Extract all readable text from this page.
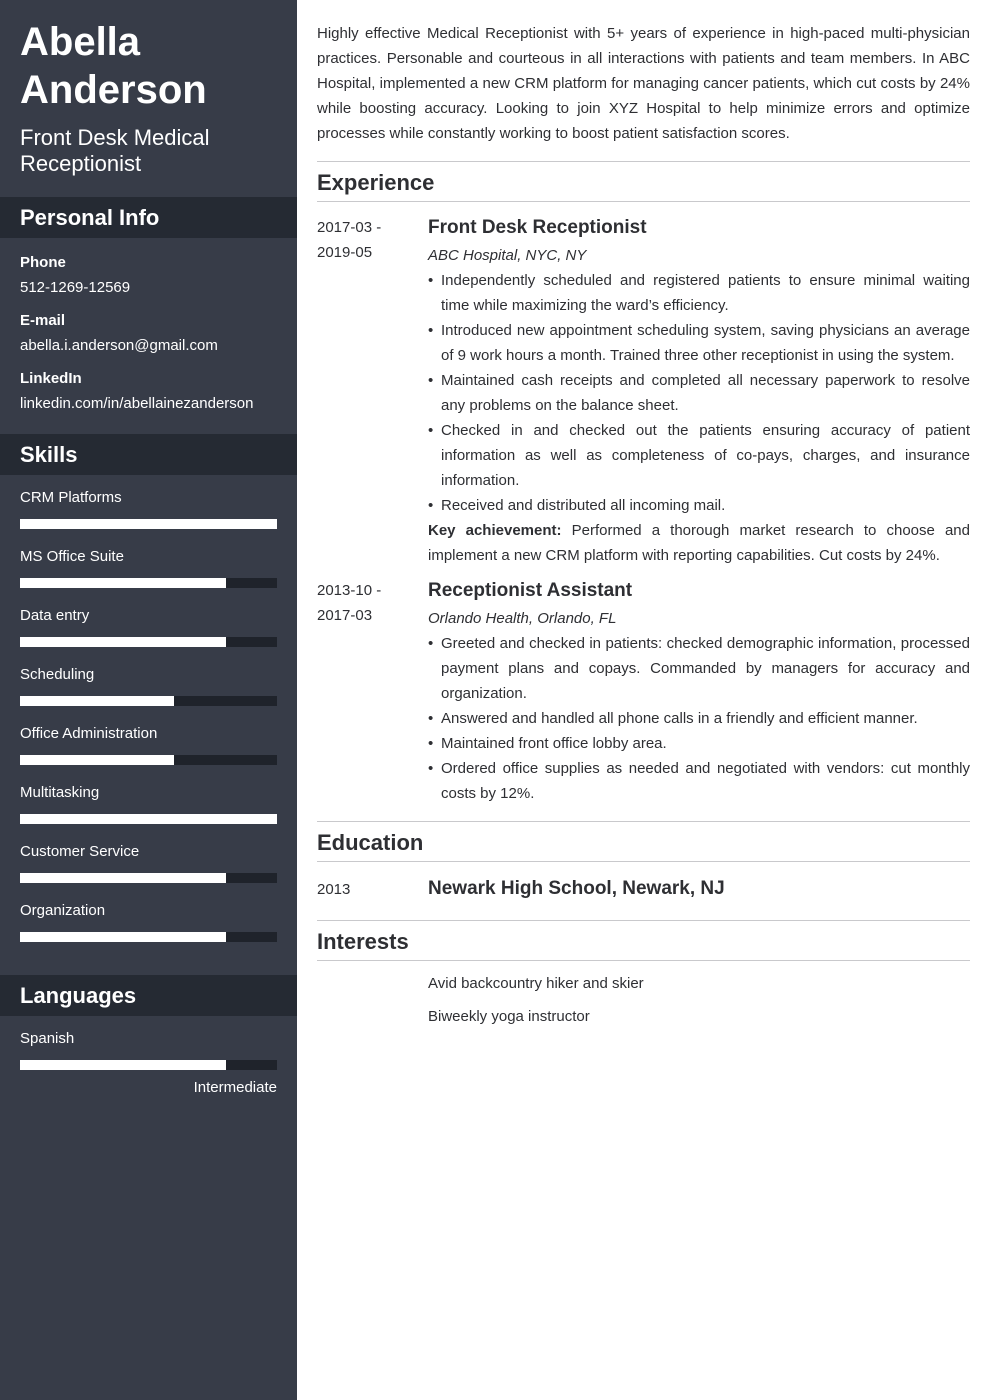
Abella
Anderson
Front Desk Medical Receptionist
Personal Info
Phone
512-1269-12569
E-mail
abella.i.anderson@gmail.com
LinkedIn
linkedin.com/in/abellainezanderson
Skills
CRM Platforms
MS Office Suite
Data entry
Scheduling
Office Administration
Multitasking
Customer Service
Organization
Languages
Spanish
Intermediate

Highly effective Medical Receptionist with 5+ years of experience in high-paced multi-physician practices. Personable and courteous in all interactions with patients and team members. In ABC Hospital, implemented a new CRM platform for managing cancer patients, which cut costs by 24% while boosting accuracy. Looking to join XYZ Hospital to help minimize errors and optimize processes while constantly working to boost patient satisfaction scores.

Experience
2017-03 -
2019-05
Front Desk Receptionist
ABC Hospital, NYC, NY
• Independently scheduled and registered patients to ensure minimal waiting time while maximizing the ward’s efficiency.
• Introduced new appointment scheduling system, saving physicians an average of 9 work hours a month. Trained three other receptionist in using the system.
• Maintained cash receipts and completed all necessary paperwork to resolve any problems on the balance sheet.
• Checked in and checked out the patients ensuring accuracy of patient information as well as completeness of co-pays, charges, and insurance information.
• Received and distributed all incoming mail.
Key achievement: Performed a thorough market research to choose and implement a new CRM platform with reporting capabilities. Cut costs by 24%.
2013-10 -
2017-03
Receptionist Assistant
Orlando Health, Orlando, FL
• Greeted and checked in patients: checked demographic information, processed payment plans and copays. Commanded by managers for accuracy and organization.
• Answered and handled all phone calls in a friendly and efficient manner.
• Maintained front office lobby area.
• Ordered office supplies as needed and negotiated with vendors: cut monthly costs by 12%.
Education
2013	Newark High School, Newark, NJ
Interests
Avid backcountry hiker and skier
Biweekly yoga instructor
